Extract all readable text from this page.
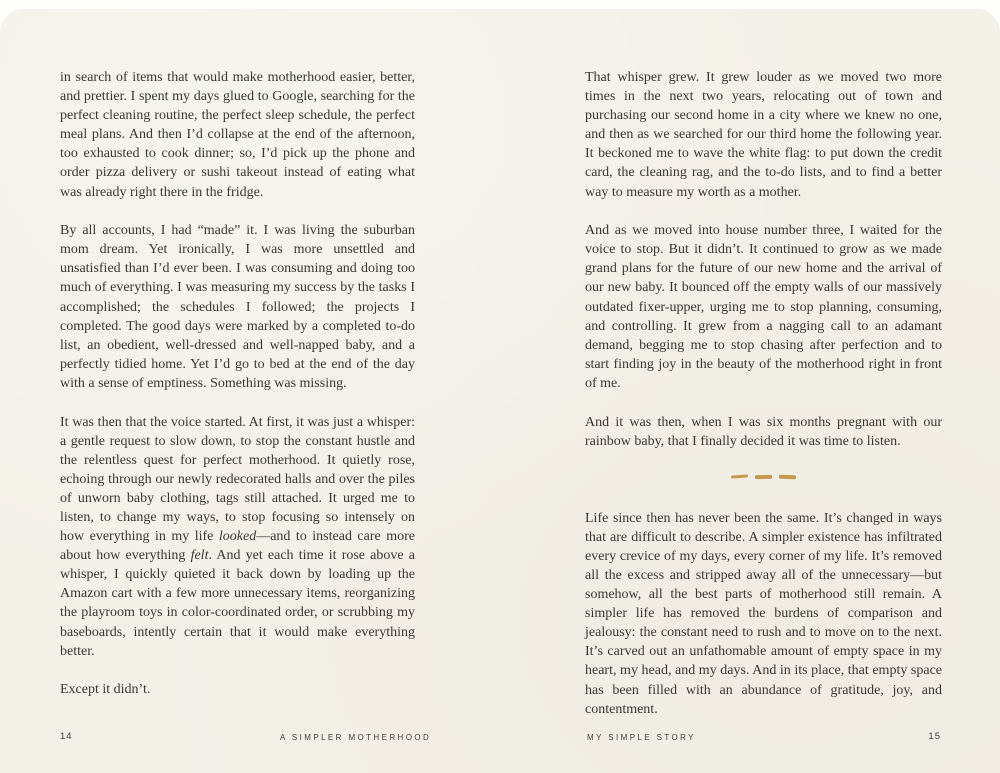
in search of items that would make motherhood easier, better, and prettier. I spent my days glued to Google, searching for the perfect cleaning routine, the perfect sleep schedule, the perfect meal plans. And then I’d collapse at the end of the afternoon, too exhausted to cook dinner; so, I’d pick up the phone and order pizza delivery or sushi takeout instead of eating what was already right there in the fridge.

By all accounts, I had “made” it. I was living the suburban mom dream. Yet ironically, I was more unsettled and unsatisfied than I’d ever been. I was consuming and doing too much of everything. I was measuring my success by the tasks I accomplished; the schedules I followed; the projects I completed. The good days were marked by a completed to-do list, an obedient, well-dressed and well-napped baby, and a perfectly tidied home. Yet I’d go to bed at the end of the day with a sense of emptiness. Something was missing.

It was then that the voice started. At first, it was just a whisper: a gentle request to slow down, to stop the constant hustle and the relentless quest for perfect motherhood. It quietly rose, echoing through our newly redecorated halls and over the piles of unworn baby clothing, tags still attached. It urged me to listen, to change my ways, to stop focusing so intensely on how everything in my life looked—and to instead care more about how everything felt. And yet each time it rose above a whisper, I quickly quieted it back down by loading up the Amazon cart with a few more unnecessary items, reorganizing the playroom toys in color-coordinated order, or scrubbing my baseboards, intently certain that it would make everything better.

Except it didn’t.

That whisper grew. It grew louder as we moved two more times in the next two years, relocating out of town and purchasing our second home in a city where we knew no one, and then as we searched for our third home the following year. It beckoned me to wave the white flag: to put down the credit card, the cleaning rag, and the to-do lists, and to find a better way to measure my worth as a mother.

And as we moved into house number three, I waited for the voice to stop. But it didn’t. It continued to grow as we made grand plans for the future of our new home and the arrival of our new baby. It bounced off the empty walls of our massively outdated fixer-upper, urging me to stop planning, consuming, and controlling. It grew from a nagging call to an adamant demand, begging me to stop chasing after perfection and to start finding joy in the beauty of the motherhood right in front of me.

And it was then, when I was six months pregnant with our rainbow baby, that I finally decided it was time to listen.

Life since then has never been the same. It’s changed in ways that are difficult to describe. A simpler existence has infiltrated every crevice of my days, every corner of my life. It’s removed all the excess and stripped away all of the unnecessary—but somehow, all the best parts of motherhood still remain. A simpler life has removed the burdens of comparison and jealousy: the constant need to rush and to move on to the next. It’s carved out an unfathomable amount of empty space in my heart, my head, and my days. And in its place, that empty space has been filled with an abundance of gratitude, joy, and contentment.

14	A SIMPLER MOTHERHOOD	MY SIMPLE STORY	15
